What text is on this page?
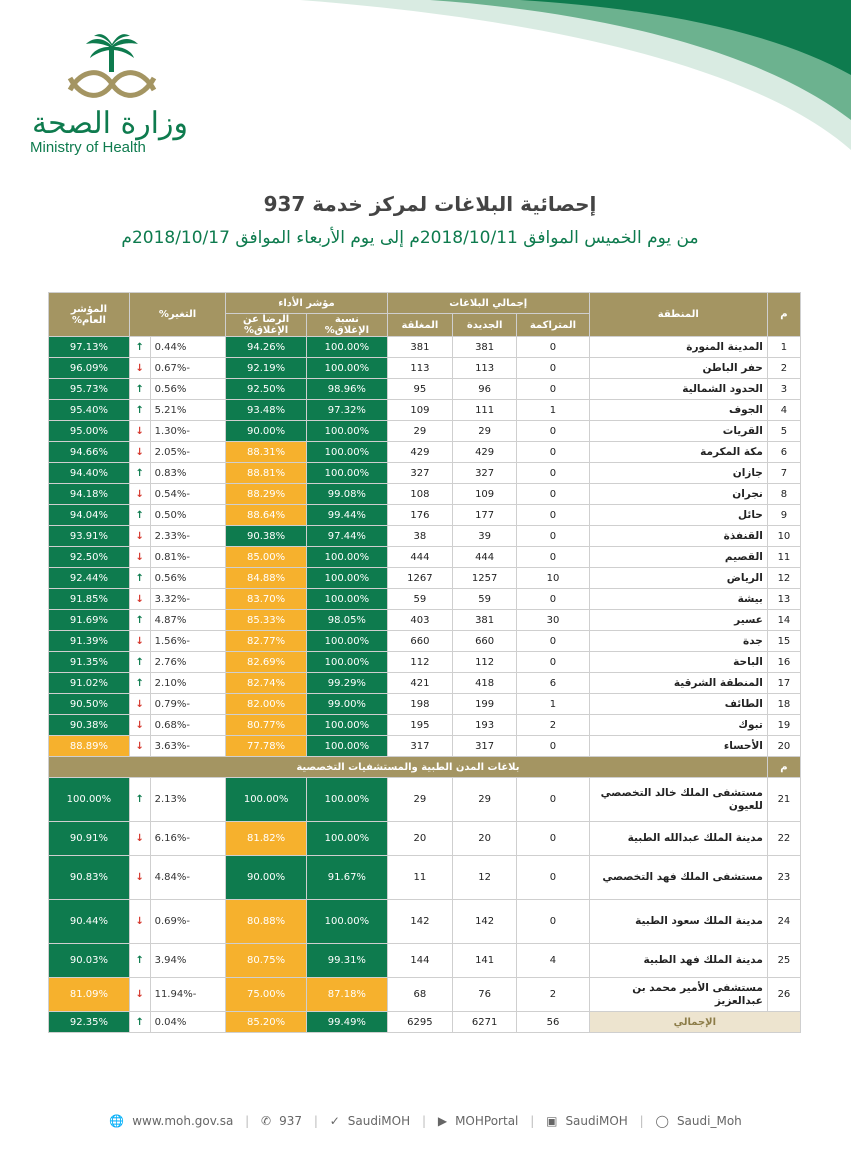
وزارة الصحة
Ministry of Health
إحصائية البلاغات لمركز خدمة 937
من يوم الخميس الموافق 2018/10/11م إلى يوم الأربعاء الموافق 2018/10/17م
م	المنطقة	إجمالي البلاغات			مؤشر الأداء		التغير%		المؤشر العام%
		المتراكمة	الجديدة	المغلقة	نسبة الإغلاق%	الرضا عن الإغلاق%			
1	المدينة المنورة	0	381	381	100.00%	94.26%	0.44%	↑	97.13%
2	حفر الباطن	0	113	113	100.00%	92.19%	-0.67%	↓	96.09%
3	الحدود الشمالية	0	96	95	98.96%	92.50%	0.56%	↑	95.73%
4	الجوف	1	111	109	97.32%	93.48%	5.21%	↑	95.40%
5	القريات	0	29	29	100.00%	90.00%	-1.30%	↓	95.00%
6	مكة المكرمة	0	429	429	100.00%	88.31%	-2.05%	↓	94.66%
7	جازان	0	327	327	100.00%	88.81%	0.83%	↑	94.40%
8	نجران	0	109	108	99.08%	88.29%	-0.54%	↓	94.18%
9	حائل	0	177	176	99.44%	88.64%	0.50%	↑	94.04%
10	القنفذة	0	39	38	97.44%	90.38%	-2.33%	↓	93.91%
11	القصيم	0	444	444	100.00%	85.00%	-0.81%	↓	92.50%
12	الرياض	10	1257	1267	100.00%	84.88%	0.56%	↑	92.44%
13	بيشة	0	59	59	100.00%	83.70%	-3.32%	↓	91.85%
14	عسير	30	381	403	98.05%	85.33%	4.87%	↑	91.69%
15	جدة	0	660	660	100.00%	82.77%	-1.56%	↓	91.39%
16	الباحة	0	112	112	100.00%	82.69%	2.76%	↑	91.35%
17	المنطقة الشرقية	6	418	421	99.29%	82.74%	2.10%	↑	91.02%
18	الطائف	1	199	198	99.00%	82.00%	-0.79%	↓	90.50%
19	تبوك	2	193	195	100.00%	80.77%	-0.68%	↓	90.38%
20	الأحساء	0	317	317	100.00%	77.78%	-3.63%	↓	88.89%
م	بلاغات المدن الطبية والمستشفيات التخصصية								
21	مستشفى الملك خالد التخصصي للعيون	0	29	29	100.00%	100.00%	2.13%	↑	100.00%
22	مدينة الملك عبدالله الطبية	0	20	20	100.00%	81.82%	-6.16%	↓	90.91%
23	مستشفى الملك فهد التخصصي	0	12	11	91.67%	90.00%	-4.84%	↓	90.83%
24	مدينة الملك سعود الطبية	0	142	142	100.00%	80.88%	-0.69%	↓	90.44%
25	مدينة الملك فهد الطبية	4	141	144	99.31%	80.75%	3.94%	↑	90.03%
26	مستشفى الأمير محمد بن عبدالعزيز	2	76	68	87.18%	75.00%	-11.94%	↓	81.09%
الإجمالي		56	6271	6295	99.49%	85.20%	0.04%	↑	92.35%
🌐 www.moh.gov.sa | ✆ 937 | ✓ SaudiMOH | ▶ MOHPortal | ▣ SaudiMOH | ◯ Saudi_Moh
